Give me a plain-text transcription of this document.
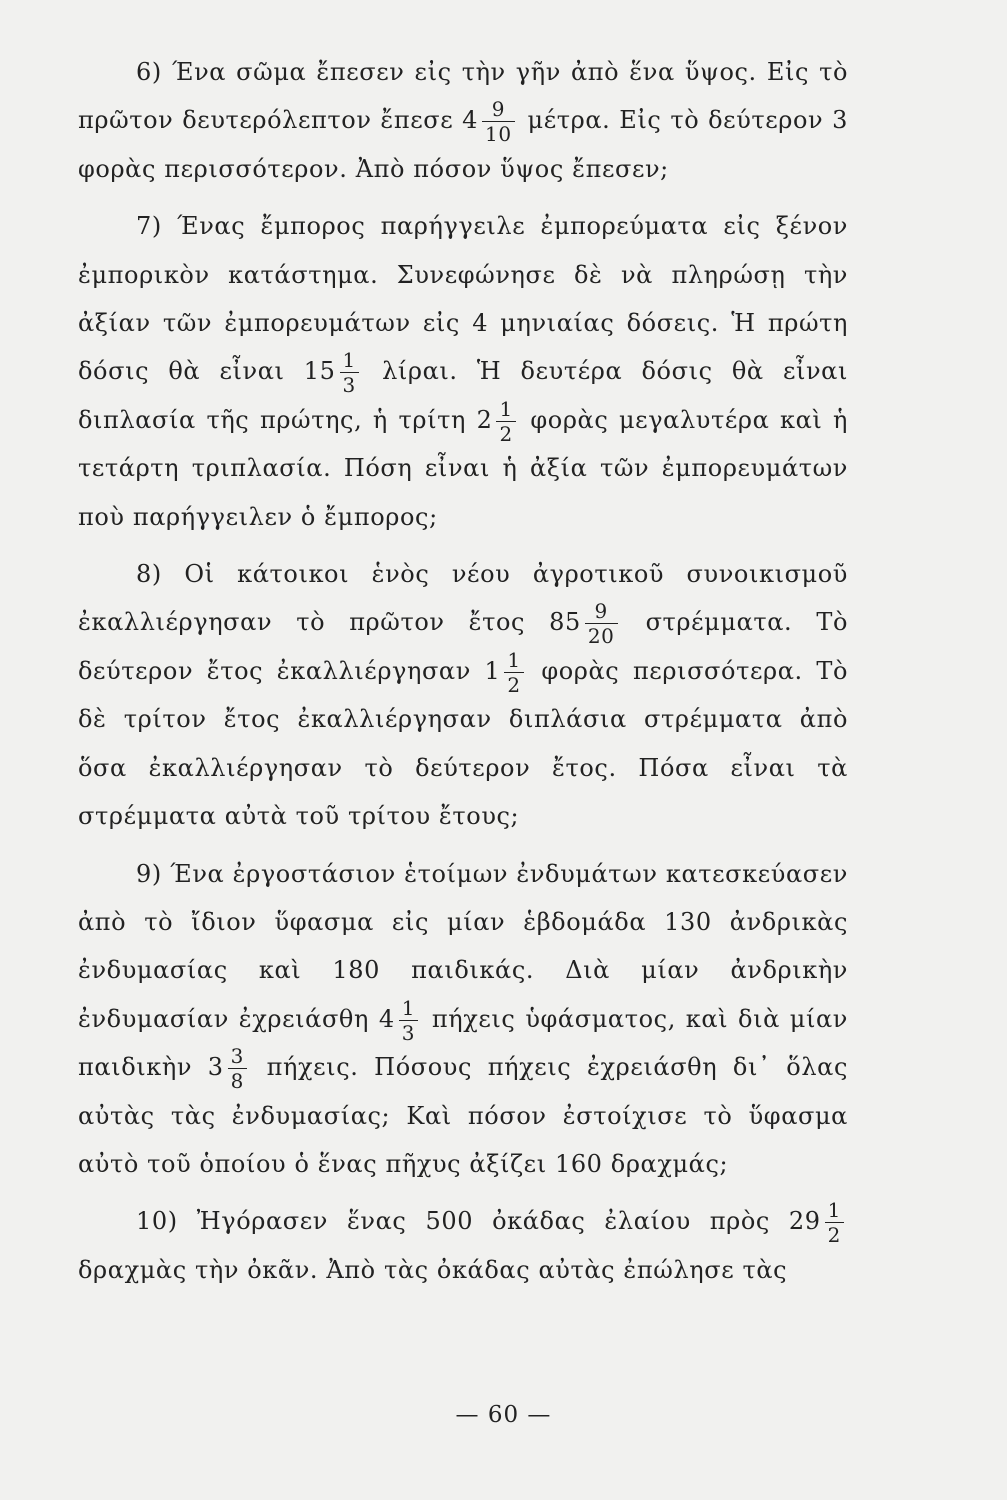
6) Ένα σῶμα ἔπεσεν εἰς τὴν γῆν ἀπὸ ἕνα ὕψος. Εἰς τὸ πρῶτον δευτερόλεπτον ἔπεσε $4 \frac{9}{10} \mu έ\tau\rho\alpha$. Εἰς τὸ δεύτερον 3 φορὰς περισσότερον. Ἀπὸ πόσον ὕψος ἔπεσεν;

7) Ένας ἔμπορος παρήγγειλε ἐμπορεύματα εἰς ξένον ἐμπορικὸν κατάστημα. Συνεφώνησε δὲ νὰ πληρώσῃ τὴν ἀξίαν τῶν ἐμπορευμάτων εἰς 4 μηνιαίας δόσεις. Ἡ πρώτη δόσις θὰ εἶναι $15 \frac{1}{3} \lambda ί\rho\alpha\iota$. Ἡ δευτέρα δόσις θὰ εἶναι διπλασία τῆς πρώτης, ἡ τρίτη $2 \frac{1}{2}$ φορὰς μεγαλυτέρα καὶ ἡ τετάρτη τριπλασία. Πόση εἶναι ἡ ἀξία τῶν ἐμπορευμάτων ποὺ παρήγγειλεν ὁ ἔμπορος;

8) Οἱ κάτοικοι ἑνὸς νέου ἀγροτικοῦ συνοικισμοῦ ἐκαλλιέργησαν τὸ πρῶτον ἔτος $85 \frac{9}{20} \sigma\tau\rho έ\mu\mu\alpha\tau\alpha$. Τὸ δεύτερον ἔτος ἐκαλλιέργησαν $1 \frac{1}{2}$ φορὰς περισσότερα. Τὸ δὲ τρίτον ἔτος ἐκαλλιέργησαν διπλάσια στρέμματα ἀπὸ ὅσα ἐκαλλιέργησαν τὸ δεύτερον ἔτος. Πόσα εἶναι τὰ στρέμματα αὐτὰ τοῦ τρίτου ἔτους;

9) Ένα ἐργοστάσιον ἑτοίμων ἐνδυμάτων κατεσκεύασεν ἀπὸ τὸ ἴδιον ὕφασμα εἰς μίαν ἑβδομάδα 130 ἀνδρικὰς ἐνδυμασίας καὶ 180 παιδικάς. Διὰ μίαν ἀνδρικὴν ἐνδυμασίαν ἐχρειάσθη $4 \frac{1}{3}$ πήχεις ὑφάσματος, καὶ διὰ μίαν παιδικὴν $3 \frac{3}{8} \pi ή\chi\varepsilon\iota\varsigma$. Πόσους πήχεις ἐχρειάσθη δι᾽ ὅλας αὐτὰς τὰς ἐνδυμασίας; Καὶ πόσον ἐστοίχισε τὸ ὕφασμα αὐτὸ τοῦ ὁποίου ὁ ἕνας πῆχυς ἀξίζει 160 δραχμάς;

10) Ἠγόρασεν ἕνας 500 ὀκάδας ἐλαίου πρὸς $29 \frac{1}{2}$
δραχμὰς τὴν ὀκᾶν. Ἀπὸ τὰς ὀκάδας αὐτὰς ἐπώλησε τὰς

— 60 —
